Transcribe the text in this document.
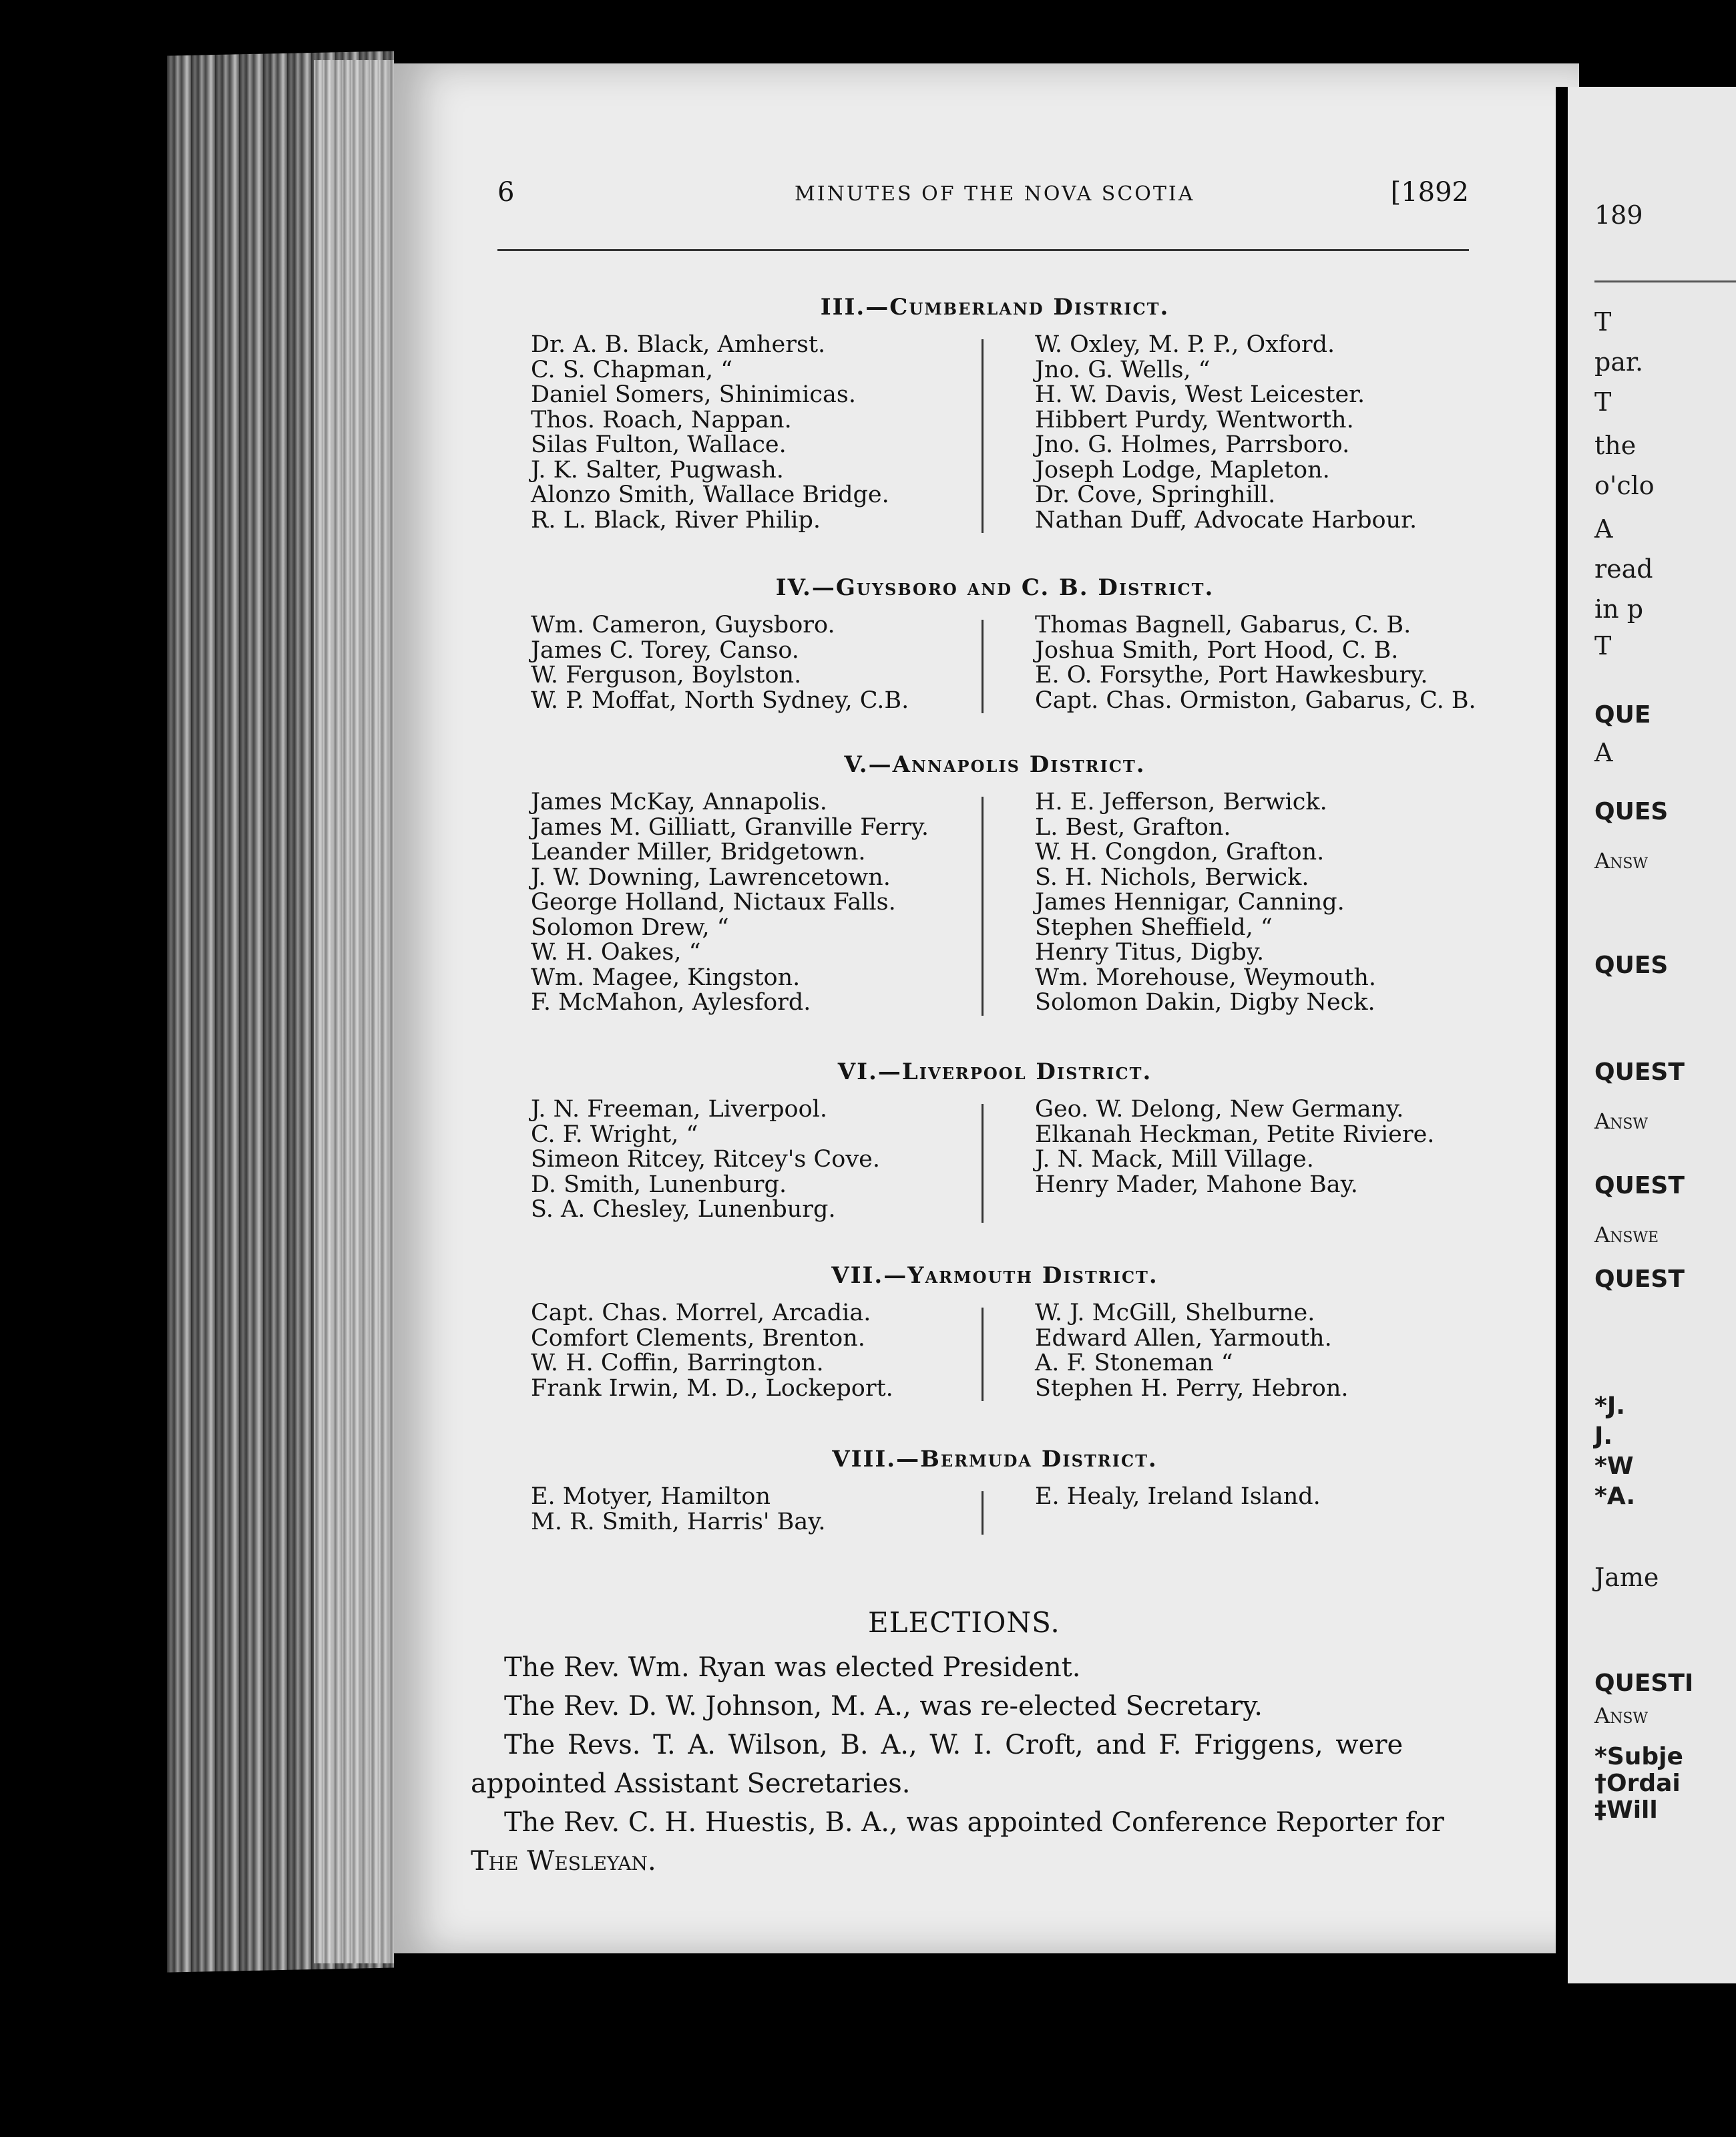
189
T
par.
T
the
o'clo
A
read
in p
T
QUE
A
QUES
Answ
QUES
QUEST
Answ
QUEST
Answe
QUEST
*J.
J.
*W
*A.
Jame
QUESTI
Answ
*Subje
†Ordai
‡Will
6	MINUTES OF THE NOVA SCOTIA	[1892
III.—Cumberland District.
Dr. A. B. Black, Amherst.
C. S. Chapman, “
Daniel Somers, Shinimicas.
Thos. Roach, Nappan.
Silas Fulton, Wallace.
J. K. Salter, Pugwash.
Alonzo Smith, Wallace Bridge.
R. L. Black, River Philip.
W. Oxley, M. P. P., Oxford.
Jno. G. Wells, “
H. W. Davis, West Leicester.
Hibbert Purdy, Wentworth.
Jno. G. Holmes, Parrsboro.
Joseph Lodge, Mapleton.
Dr. Cove, Springhill.
Nathan Duff, Advocate Harbour.
IV.—Guysboro and C. B. District.
Wm. Cameron, Guysboro.
James C. Torey, Canso.
W. Ferguson, Boylston.
W. P. Moffat, North Sydney, C.B.
Thomas Bagnell, Gabarus, C. B.
Joshua Smith, Port Hood, C. B.
E. O. Forsythe, Port Hawkesbury.
Capt. Chas. Ormiston, Gabarus, C. B.
V.—Annapolis District.
James McKay, Annapolis.
James M. Gilliatt, Granville Ferry.
Leander Miller, Bridgetown.
J. W. Downing, Lawrencetown.
George Holland, Nictaux Falls.
Solomon Drew, “
W. H. Oakes, “
Wm. Magee, Kingston.
F. McMahon, Aylesford.
H. E. Jefferson, Berwick.
L. Best, Grafton.
W. H. Congdon, Grafton.
S. H. Nichols, Berwick.
James Hennigar, Canning.
Stephen Sheffield, “
Henry Titus, Digby.
Wm. Morehouse, Weymouth.
Solomon Dakin, Digby Neck.
VI.—Liverpool District.
J. N. Freeman, Liverpool.
C. F. Wright, “
Simeon Ritcey, Ritcey's Cove.
D. Smith, Lunenburg.
S. A. Chesley, Lunenburg.
Geo. W. Delong, New Germany.
Elkanah Heckman, Petite Riviere.
J. N. Mack, Mill Village.
Henry Mader, Mahone Bay.
VII.—Yarmouth District.
Capt. Chas. Morrel, Arcadia.
Comfort Clements, Brenton.
W. H. Coffin, Barrington.
Frank Irwin, M. D., Lockeport.
W. J. McGill, Shelburne.
Edward Allen, Yarmouth.
A. F. Stoneman “
Stephen H. Perry, Hebron.
VIII.—Bermuda District.
E. Motyer, Hamilton
M. R. Smith, Harris' Bay.
E. Healy, Ireland Island.
ELECTIONS.
The Rev. Wm. Ryan was elected President.
The Rev. D. W. Johnson, M. A., was re-elected Secretary.
The Revs. T. A. Wilson, B. A., W. I. Croft, and F. Friggens, were
appointed Assistant Secretaries.
The Rev. C. H. Huestis, B. A., was appointed Conference Reporter for
The Wesleyan.
